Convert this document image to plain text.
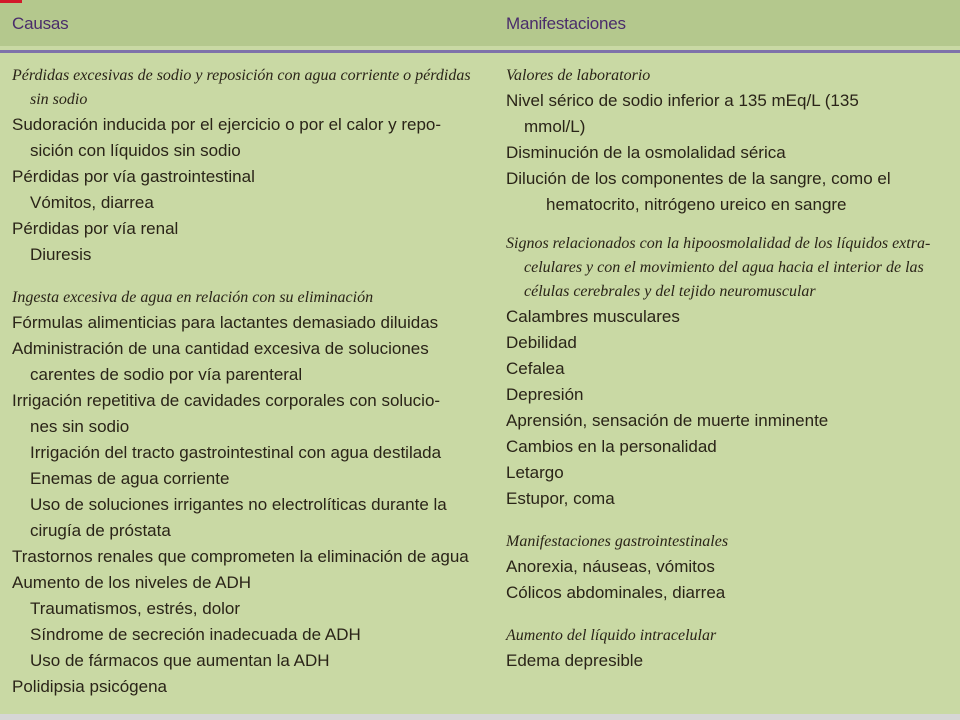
Causas	Manifestaciones
Pérdidas excesivas de sodio y reposición con agua corriente o pérdidas
sin sodio
Sudoración inducida por el ejercicio o por el calor y repo-
sición con líquidos sin sodio
Pérdidas por vía gastrointestinal
Vómitos, diarrea
Pérdidas por vía renal
Diuresis
Ingesta excesiva de agua en relación con su eliminación
Fórmulas alimenticias para lactantes demasiado diluidas
Administración de una cantidad excesiva de soluciones
carentes de sodio por vía parenteral
Irrigación repetitiva de cavidades corporales con solucio-
nes sin sodio
Irrigación del tracto gastrointestinal con agua destilada
Enemas de agua corriente
Uso de soluciones irrigantes no electrolíticas durante la
cirugía de próstata
Trastornos renales que comprometen la eliminación de agua
Aumento de los niveles de ADH
Traumatismos, estrés, dolor
Síndrome de secreción inadecuada de ADH
Uso de fármacos que aumentan la ADH
Polidipsia psicógena
Valores de laboratorio
Nivel sérico de sodio inferior a 135 mEq/L (135
mmol/L)
Disminución de la osmolalidad sérica
Dilución de los componentes de la sangre, como el
hematocrito, nitrógeno ureico en sangre
Signos relacionados con la hipoosmolalidad de los líquidos extra-
celulares y con el movimiento del agua hacia el interior de las
células cerebrales y del tejido neuromuscular
Calambres musculares
Debilidad
Cefalea
Depresión
Aprensión, sensación de muerte inminente
Cambios en la personalidad
Letargo
Estupor, coma
Manifestaciones gastrointestinales
Anorexia, náuseas, vómitos
Cólicos abdominales, diarrea
Aumento del líquido intracelular
Edema depresible
